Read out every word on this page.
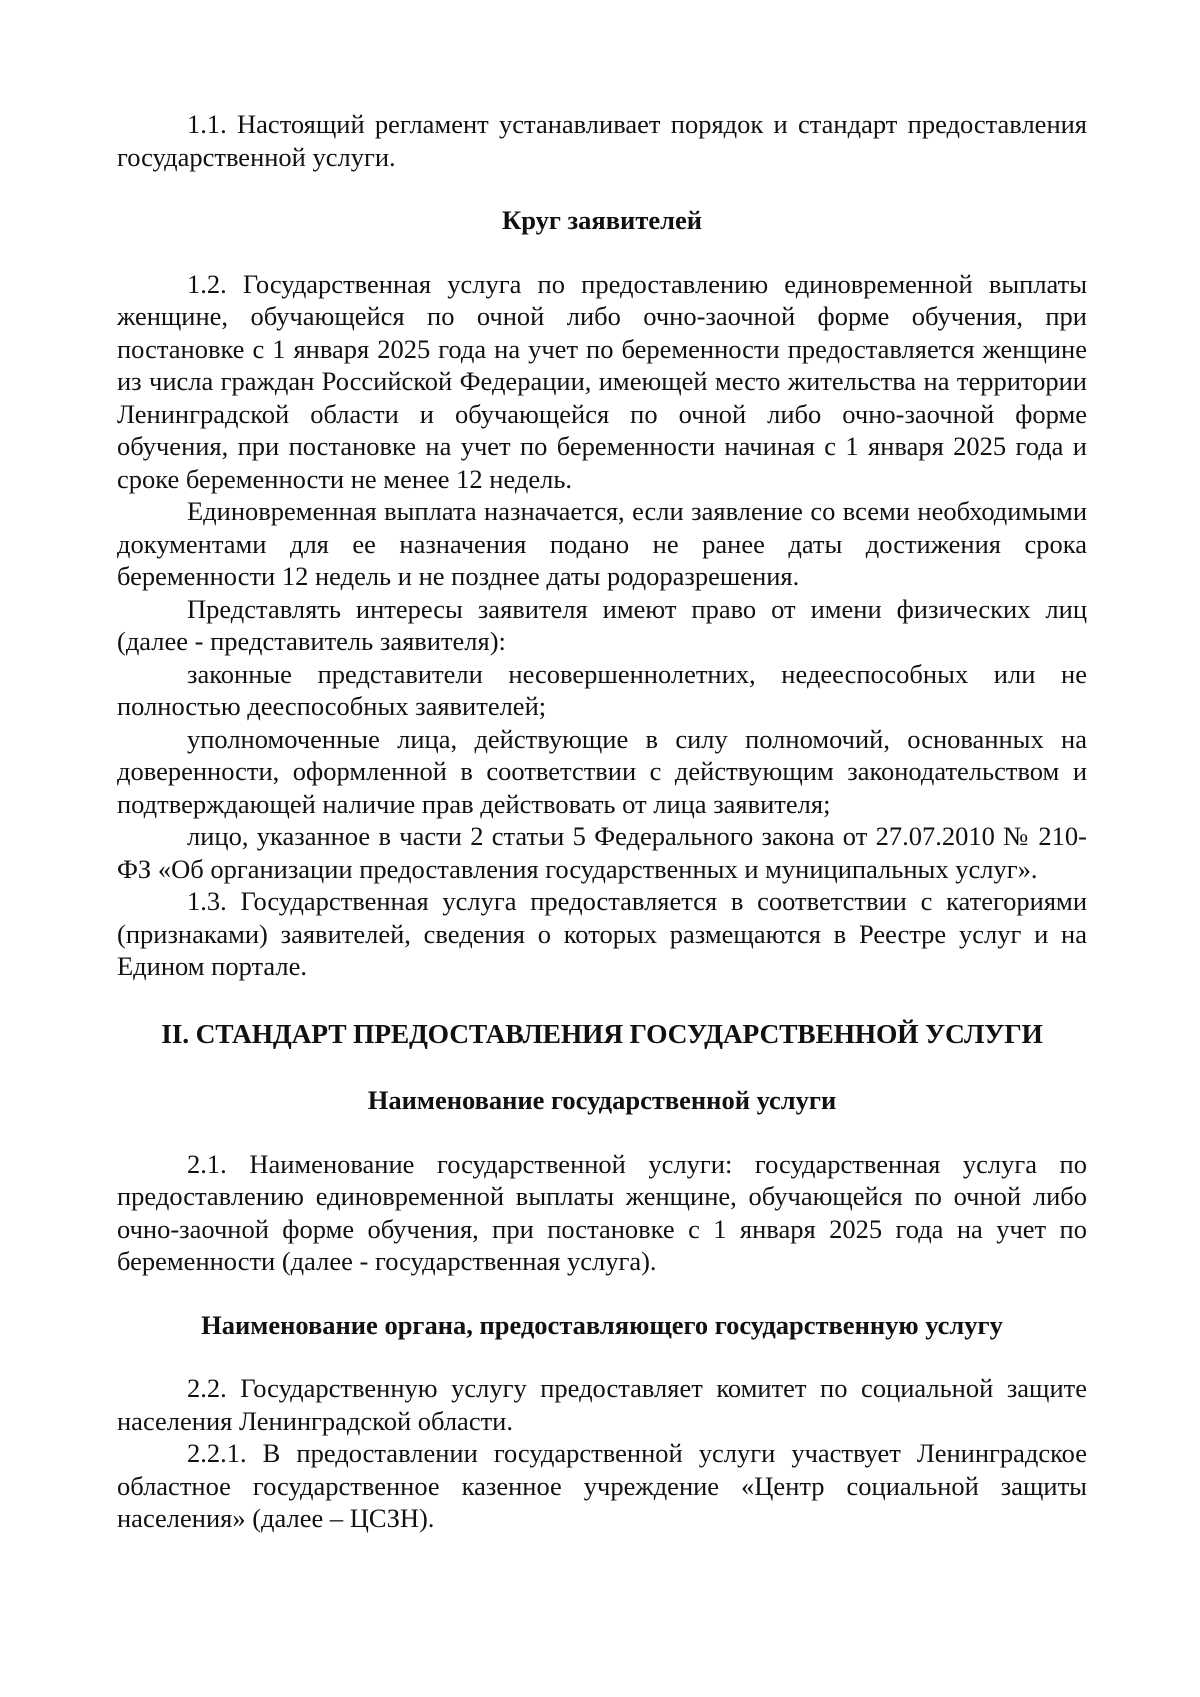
1.1. Настоящий регламент устанавливает порядок и стандарт предоставления государственной услуги.

Круг заявителей

1.2. Государственная услуга по предоставлению единовременной выплаты женщине, обучающейся по очной либо очно-заочной форме обучения, при постановке с 1 января 2025 года на учет по беременности предоставляется женщине из числа граждан Российской Федерации, имеющей место жительства на территории Ленинградской области и обучающейся по очной либо очно-заочной форме обучения, при постановке на учет по беременности начиная с 1 января 2025 года и сроке беременности не менее 12 недель.

Единовременная выплата назначается, если заявление со всеми необходимыми документами для ее назначения подано не ранее даты достижения срока беременности 12 недель и не позднее даты родоразрешения.

Представлять интересы заявителя имеют право от имени физических лиц (далее - представитель заявителя):

законные представители несовершеннолетних, недееспособных или не полностью дееспособных заявителей;

уполномоченные лица, действующие в силу полномочий, основанных на доверенности, оформленной в соответствии с действующим законодательством и подтверждающей наличие прав действовать от лица заявителя;

лицо, указанное в части 2 статьи 5 Федерального закона от 27.07.2010 № 210-ФЗ «Об организации предоставления государственных и муниципальных услуг».

1.3. Государственная услуга предоставляется в соответствии с категориями (признаками) заявителей, сведения о которых размещаются в Реестре услуг и на Едином портале.

II. СТАНДАРТ ПРЕДОСТАВЛЕНИЯ ГОСУДАРСТВЕННОЙ УСЛУГИ

Наименование государственной услуги

2.1. Наименование государственной услуги: государственная услуга по предоставлению единовременной выплаты женщине, обучающейся по очной либо очно-заочной форме обучения, при постановке с 1 января 2025 года на учет по беременности (далее - государственная услуга).

Наименование органа, предоставляющего государственную услугу

2.2. Государственную услугу предоставляет комитет по социальной защите населения Ленинградской области.

2.2.1. В предоставлении государственной услуги участвует Ленинградское областное государственное казенное учреждение «Центр социальной защиты населения» (далее – ЦСЗН).
